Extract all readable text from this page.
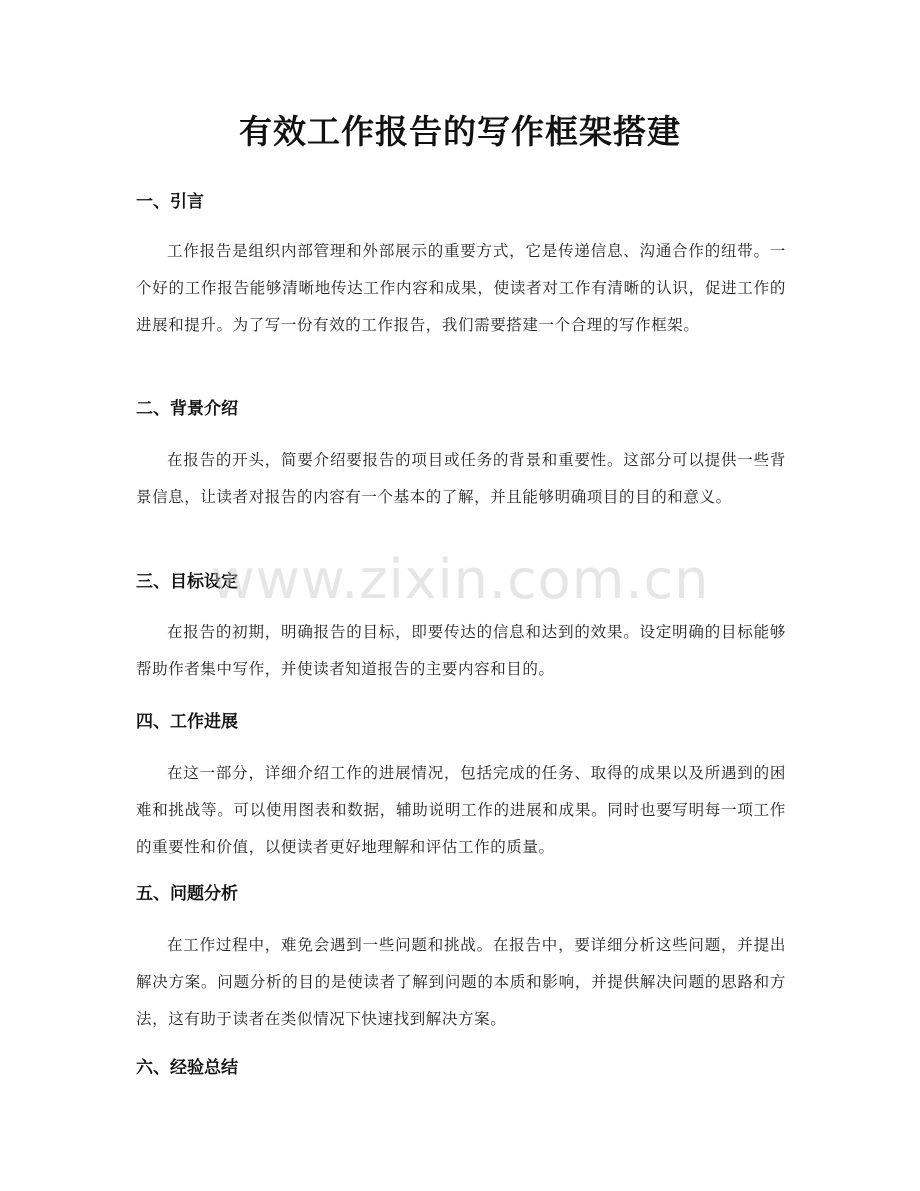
有效工作报告的写作框架搭建
一、引言

工作报告是组织内部管理和外部展示的重要方式，它是传递信息、沟通合作的纽带。一个好的工作报告能够清晰地传达工作内容和成果，使读者对工作有清晰的认识，促进工作的进展和提升。为了写一份有效的工作报告，我们需要搭建一个合理的写作框架。

二、背景介绍

在报告的开头，简要介绍要报告的项目或任务的背景和重要性。这部分可以提供一些背景信息，让读者对报告的内容有一个基本的了解，并且能够明确项目的目的和意义。

三、目标设定

在报告的初期，明确报告的目标，即要传达的信息和达到的效果。设定明确的目标能够帮助作者集中写作，并使读者知道报告的主要内容和目的。

四、工作进展

在这一部分，详细介绍工作的进展情况，包括完成的任务、取得的成果以及所遇到的困难和挑战等。可以使用图表和数据，辅助说明工作的进展和成果。同时也要写明每一项工作的重要性和价值，以便读者更好地理解和评估工作的质量。

五、问题分析

在工作过程中，难免会遇到一些问题和挑战。在报告中，要详细分析这些问题，并提出解决方案。问题分析的目的是使读者了解到问题的本质和影响，并提供解决问题的思路和方法，这有助于读者在类似情况下快速找到解决方案。

六、经验总结
www.zixin.com.cn
